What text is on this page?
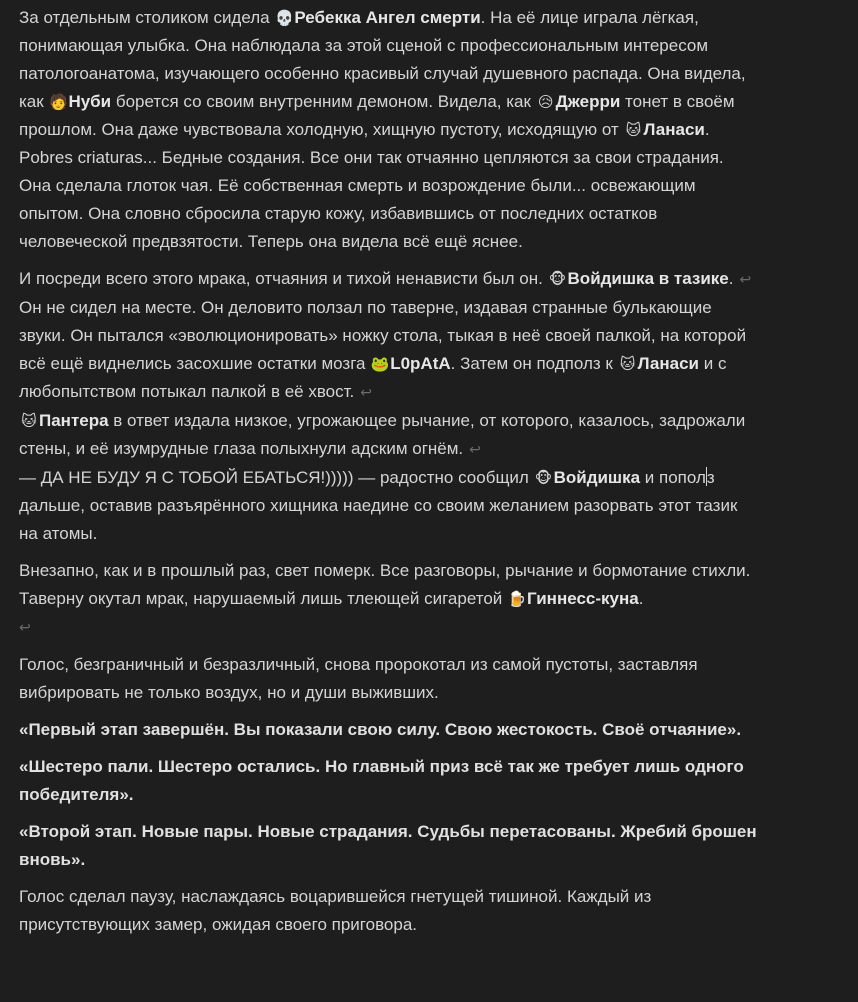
За отдельным столиком сидела 💀Ребекка Ангел смерти. На её лице играла лёгкая, понимающая улыбка. Она наблюдала за этой сценой с профессиональным интересом патологоанатома, изучающего особенно красивый случай душевного распада. Она видела, как 🧑Нуби борется со своим внутренним демоном. Видела, как 😥 Джерри тонет в своём прошлом. Она даже чувствовала холодную, хищную пустоту, исходящую от 🐱 Ланаси. Pobres criaturas... Бедные создания. Все они так отчаянно цепляются за свои страдания. Она сделала глоток чая. Её собственная смерть и возрождение были... освежающим опытом. Она словно сбросила старую кожу, избавившись от последних остатков человеческой предвзятости. Теперь она видела всё ещё яснее.

И посреди всего этого мрака, отчаяния и тихой ненависти был он. 🐵Войдишка в тазике. ↩

Он не сидел на месте. Он деловито ползал по таверне, издавая странные булькающие звуки. Он пытался «эволюционировать» ножку стола, тыкая в неё своей палкой, на которой всё ещё виднелись засохшие остатки мозга 🐸L0pAtA. Затем он подполз к 🐱 Ланаси и с любопытством потыкал палкой в её хвост. ↩

🐱 Пантера в ответ издала низкое, угрожающее рычание, от которого, казалось, задрожали стены, и её изумрудные глаза полыхнули адским огнём. ↩

— ДА НЕ БУДУ Я С ТОБОЙ ЕБАТЬСЯ!))))) — радостно сообщил 🐵Войдишка и пополз дальше, оставив разъярённого хищника наедине со своим желанием разорвать этот тазик на атомы.

Внезапно, как и в прошлый раз, свет померк. Все разговоры, рычание и бормотание стихли. Таверну окутал мрак, нарушаемый лишь тлеющей сигаретой 🍺Гиннесс-куна.
↩

Голос, безграничный и безразличный, снова пророкотал из самой пустоты, заставляя вибрировать не только воздух, но и души выживших.

«Первый этап завершён. Вы показали свою силу. Свою жестокость. Своё отчаяние».

«Шестеро пали. Шестеро остались. Но главный приз всё так же требует лишь одного победителя».

«Второй этап. Новые пары. Новые страдания. Судьбы перетасованы. Жребий брошен вновь».

Голос сделал паузу, наслаждаясь воцарившейся гнетущей тишиной. Каждый из присутствующих замер, ожидая своего приговора.
